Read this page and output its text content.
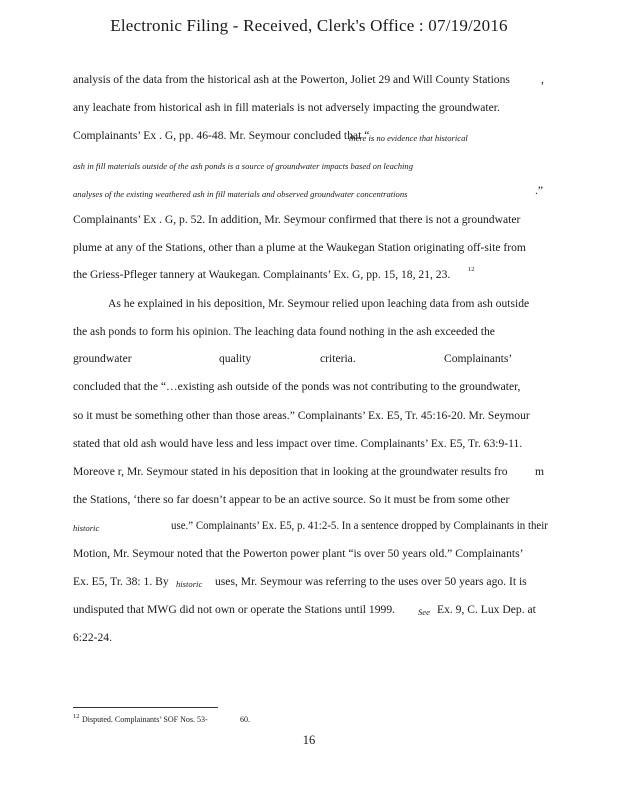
Electronic Filing - Received, Clerk's Office : 07/19/2016
analysis of the data from the historical ash at the Powerton, Joliet 29 and Will County Stations	,
any leachate from historical ash in fill materials is not adversely impacting the groundwater.
Complainants’ Ex . G, pp. 46-48. Mr. Seymour concluded that “
there is no evidence that historical
ash in fill materials outside of the ash ponds is a source of groundwater impacts based on leaching
analyses of the existing weathered ash in fill materials and observed groundwater concentrations	.”
Complainants’ Ex . G, p. 52. In addition, Mr. Seymour confirmed that there is not a groundwater
plume at any of the Stations, other than a plume at the Waukegan Station originating off-site from
the Griess-Pfleger tannery at Waukegan. Complainants’ Ex. G, pp. 15, 18, 21, 23.	12
As he explained in his deposition, Mr. Seymour relied upon leaching data from ash outside
the ash ponds to form his opinion. The leaching data found nothing in the ash exceeded the
groundwater	quality	criteria.	Complainants’
concluded that the “…existing ash outside of the ponds was not contributing to the groundwater,
so it must be something other than those areas.” Complainants’ Ex. E5, Tr. 45:16-20. Mr. Seymour
stated that old ash would have less and less impact over time. Complainants’ Ex. E5, Tr. 63:9-11.
Moreove r, Mr. Seymour stated in his deposition that in looking at the groundwater results fro m
the Stations, ‘there so far doesn’t appear to be an active source. So it must be from some other
historic	use.” Complainants’ Ex. E5, p. 41:2-5. In a sentence dropped by Complainants in their
Motion, Mr. Seymour noted that the Powerton power plant “is over 50 years old.” Complainants’
Ex. E5, Tr. 38: 1. By historic uses, Mr. Seymour was referring to the uses over 50 years ago. It is
undisputed that MWG did not own or operate the Stations until 1999.	See Ex. 9, C. Lux Dep. at
6:22-24.
12 Disputed. Complainants’ SOF Nos. 53-	60.
16
